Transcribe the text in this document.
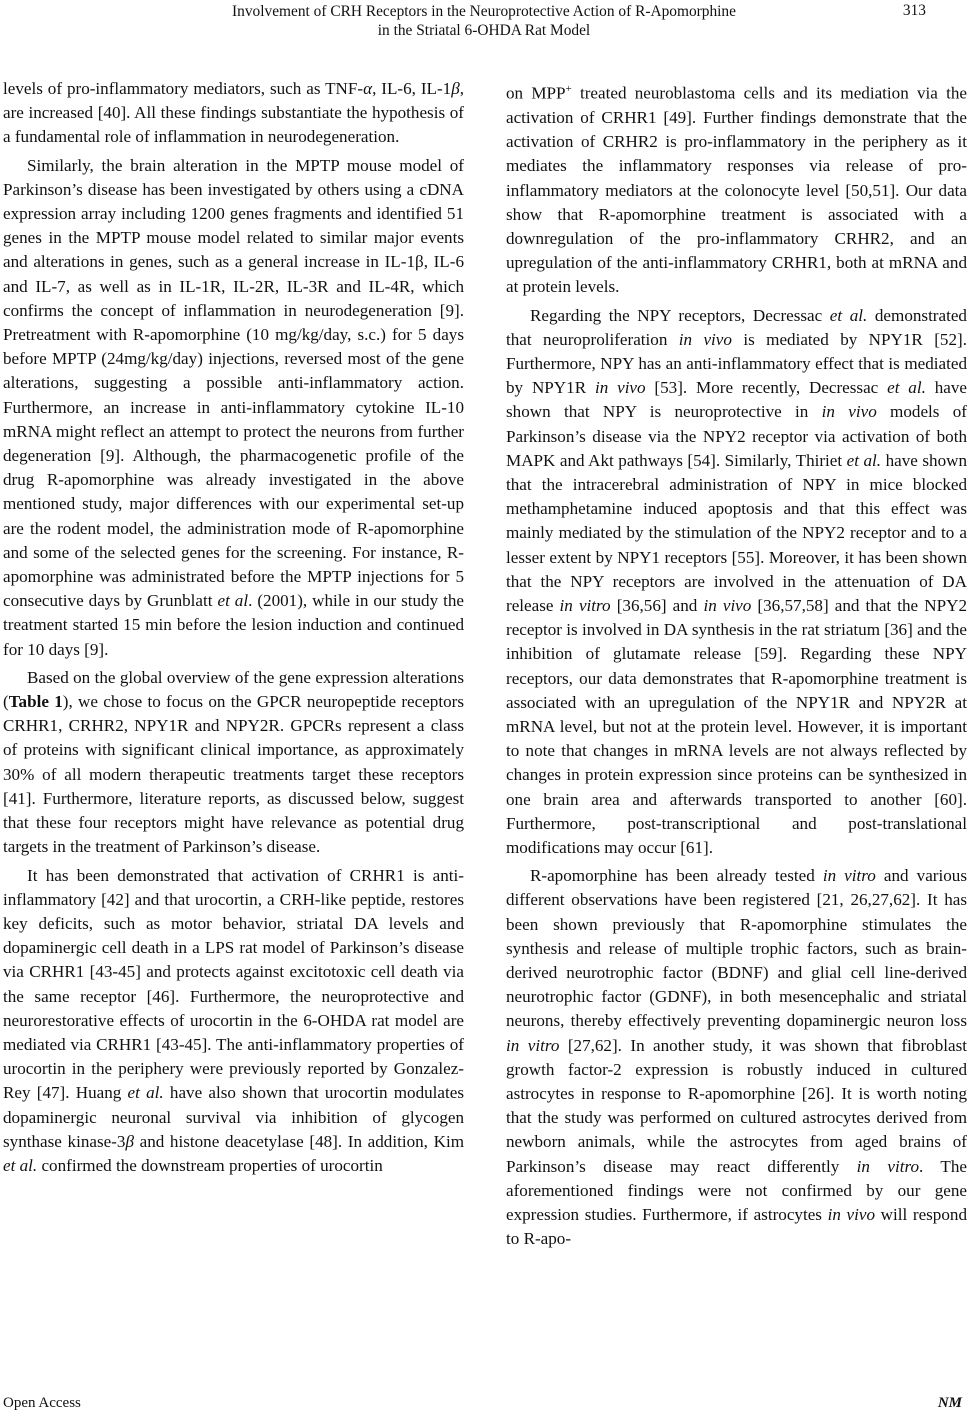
Involvement of CRH Receptors in the Neuroprotective Action of R-Apomorphine
in the Striatal 6-OHDA Rat Model
313

levels of pro-inflammatory mediators, such as TNF-α, IL-6, IL-1β, are increased [40]. All these findings substantiate the hypothesis of a fundamental role of inflammation in neurodegeneration.

Similarly, the brain alteration in the MPTP mouse model of Parkinson’s disease has been investigated by others using a cDNA expression array including 1200 genes fragments and identified 51 genes in the MPTP mouse model related to similar major events and alterations in genes, such as a general increase in IL-1β, IL-6 and IL-7, as well as in IL-1R, IL-2R, IL-3R and IL-4R, which confirms the concept of inflammation in neurodegeneration [9]. Pretreatment with R-apomorphine (10 mg/kg/day, s.c.) for 5 days before MPTP (24mg/kg/day) injections, reversed most of the gene alterations, suggesting a possible anti-inflammatory action. Furthermore, an increase in anti-inflammatory cytokine IL-10 mRNA might reflect an attempt to protect the neurons from further degeneration [9]. Although, the pharmacogenetic profile of the drug R-apomorphine was already investigated in the above mentioned study, major differences with our experimental set-up are the rodent model, the administration mode of R-apomorphine and some of the selected genes for the screening. For instance, R-apomorphine was administrated before the MPTP injections for 5 consecutive days by Grunblatt et al. (2001), while in our study the treatment started 15 min before the lesion induction and continued for 10 days [9].

Based on the global overview of the gene expression alterations (Table 1), we chose to focus on the GPCR neuropeptide receptors CRHR1, CRHR2, NPY1R and NPY2R. GPCRs represent a class of proteins with significant clinical importance, as approximately 30% of all modern therapeutic treatments target these receptors [41]. Furthermore, literature reports, as discussed below, suggest that these four receptors might have relevance as potential drug targets in the treatment of Parkinson’s disease.

It has been demonstrated that activation of CRHR1 is anti-inflammatory [42] and that urocortin, a CRH-like peptide, restores key deficits, such as motor behavior, striatal DA levels and dopaminergic cell death in a LPS rat model of Parkinson’s disease via CRHR1 [43-45] and protects against excitotoxic cell death via the same receptor [46]. Furthermore, the neuroprotective and neurorestorative effects of urocortin in the 6-OHDA rat model are mediated via CRHR1 [43-45]. The anti-inflammatory properties of urocortin in the periphery were previously reported by Gonzalez-Rey [47]. Huang et al. have also shown that urocortin modulates dopaminergic neuronal survival via inhibition of glycogen synthase kinase-3β and histone deacetylase [48]. In addition, Kim et al. confirmed the downstream properties of urocortin

on MPP+ treated neuroblastoma cells and its mediation via the activation of CRHR1 [49]. Further findings demonstrate that the activation of CRHR2 is pro-inflammatory in the periphery as it mediates the inflammatory responses via release of pro-inflammatory mediators at the colonocyte level [50,51]. Our data show that R-apomorphine treatment is associated with a downregulation of the pro-inflammatory CRHR2, and an upregulation of the anti-inflammatory CRHR1, both at mRNA and at protein levels.

Regarding the NPY receptors, Decressac et al. demonstrated that neuroproliferation in vivo is mediated by NPY1R [52]. Furthermore, NPY has an anti-inflammatory effect that is mediated by NPY1R in vivo [53]. More recently, Decressac et al. have shown that NPY is neuroprotective in in vivo models of Parkinson’s disease via the NPY2 receptor via activation of both MAPK and Akt pathways [54]. Similarly, Thiriet et al. have shown that the intracerebral administration of NPY in mice blocked methamphetamine induced apoptosis and that this effect was mainly mediated by the stimulation of the NPY2 receptor and to a lesser extent by NPY1 receptors [55]. Moreover, it has been shown that the NPY receptors are involved in the attenuation of DA release in vitro [36,56] and in vivo [36,57,58] and that the NPY2 receptor is involved in DA synthesis in the rat striatum [36] and the inhibition of glutamate release [59]. Regarding these NPY receptors, our data demonstrates that R-apomorphine treatment is associated with an upregulation of the NPY1R and NPY2R at mRNA level, but not at the protein level. However, it is important to note that changes in mRNA levels are not always reflected by changes in protein expression since proteins can be synthesized in one brain area and afterwards transported to another [60]. Furthermore, post-transcriptional and post-translational modifications may occur [61].

R-apomorphine has been already tested in vitro and various different observations have been registered [21, 26,27,62]. It has been shown previously that R-apomorphine stimulates the synthesis and release of multiple trophic factors, such as brain-derived neurotrophic factor (BDNF) and glial cell line-derived neurotrophic factor (GDNF), in both mesencephalic and striatal neurons, thereby effectively preventing dopaminergic neuron loss in vitro [27,62]. In another study, it was shown that fibroblast growth factor-2 expression is robustly induced in cultured astrocytes in response to R-apomorphine [26]. It is worth noting that the study was performed on cultured astrocytes derived from newborn animals, while the astrocytes from aged brains of Parkinson’s disease may react differently in vitro. The aforementioned findings were not confirmed by our gene expression studies. Furthermore, if astrocytes in vivo will respond to R-apo-

Open Access	NM
